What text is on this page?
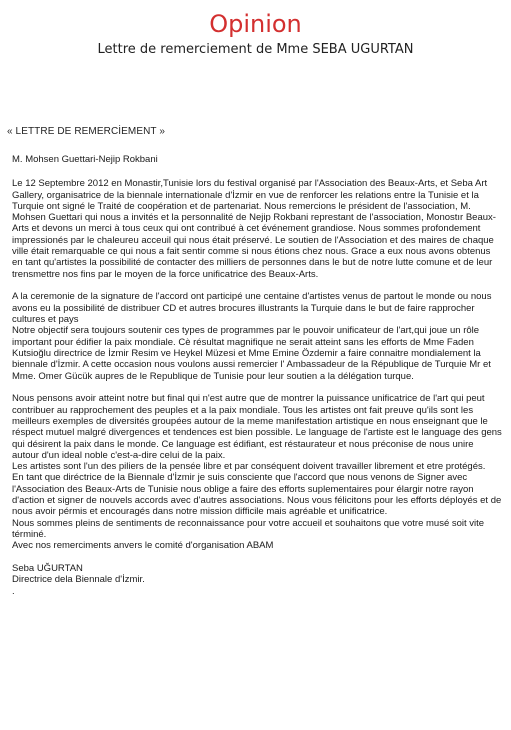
Opinion
Lettre de remerciement de Mme SEBA UGURTAN
« LETTRE DE REMERCİEMENT »

M. Mohsen Guettari-Nejip Rokbani

Le 12 Septembre 2012 en Monastir,Tunisie lors du festival organisé par l'Association des Beaux-Arts, et Seba Art Gallery, organisatrice de la biennale internationale d'İzmir en vue de renforcer les relations entre la Tunisie et la Turquie ont signé le Traité de coopération et de partenariat. Nous remercions le président de l'association, M. Mohsen Guettari qui nous a invités et la personnalité de Nejip Rokbani represtant de l'association, Monostır Beaux-Arts et devons un merci à tous ceux qui ont contribué à cet événement grandiose. Nous sommes profondement impressionés par le chaleureu acceuil qui nous était préservé. Le soutien de l'Association et des maires de chaque ville était remarquable ce qui nous a fait sentir comme si nous étions chez nous. Grace a eux nous avons obtenus en tant qu'artistes la possibilité de contacter des milliers de personnes dans le but de notre lutte comune et de leur trensmettre nos fins par le moyen de la force unificatrice des Beaux-Arts.

A la ceremonie de la signature de l'accord ont participé une centaine d'artistes venus de partout le monde ou nous avons eu la possibilité de distribuer CD et autres brocures illustrants la Turquie dans le but de faire rapprocher cultures et pays

Notre objectif sera toujours soutenir ces types de programmes par le pouvoir unificateur de l'art,qui joue un rôle important pour édifier la paix mondiale. Cè résultat magnifique ne serait atteint sans les efforts de Mme Faden Kutsioğlu directrice de İzmir Resim ve Heykel Müzesi et Mme Emine Özdemir a faire connaitre mondialement la biennale d'İzmir. A cette occasion nous voulons aussi remercier l' Ambassadeur de la République de Turquie Mr et Mme. Omer Gücük aupres de le Republique de Tunisie pour leur soutien a la délégation turque.

Nous pensons avoir atteint notre but final qui n'est autre que de montrer la puissance unificatrice de l'art qui peut contribuer au rapprochement des peuples et a la paix mondiale. Tous les artistes ont fait preuve qu'ils sont les meilleurs exemples de diversités groupées autour de la meme manifestation artistique en nous enseignant que le réspect mutuel malgré divergences et tendences est bien possible. Le language de l'artiste est le language des gens qui désirent la paix dans le monde. Ce language est édifiant, est réstaurateur et nous préconise de nous unire autour d'un ideal noble c'est-a-dire celui de la paix.

Les artistes sont l'un des piliers de la pensée libre et par conséquent doivent travailler librement et etre protégés.

En tant que diréctrice de la Biennale d'İzmir je suis consciente que l'accord que nous venons de Signer avec l'Association des Beaux-Arts de Tunisie nous oblige a faire des efforts suplementaires pour élargir notre rayon d'action et signer de nouvels accords avec d'autres associations. Nous vous félicitons pour les efforts déployés et de nous avoir pérmis et encouragés dans notre mission difficile mais agréable et unificatrice.

Nous sommes pleins de sentiments de reconnaissance pour votre accueil et souhaitons que votre musé soit vite términé.

Avec nos remerciments anvers le comité d'organisation ABAM

Seba UĞURTAN

Directrice dela Biennale d'İzmir.

.
